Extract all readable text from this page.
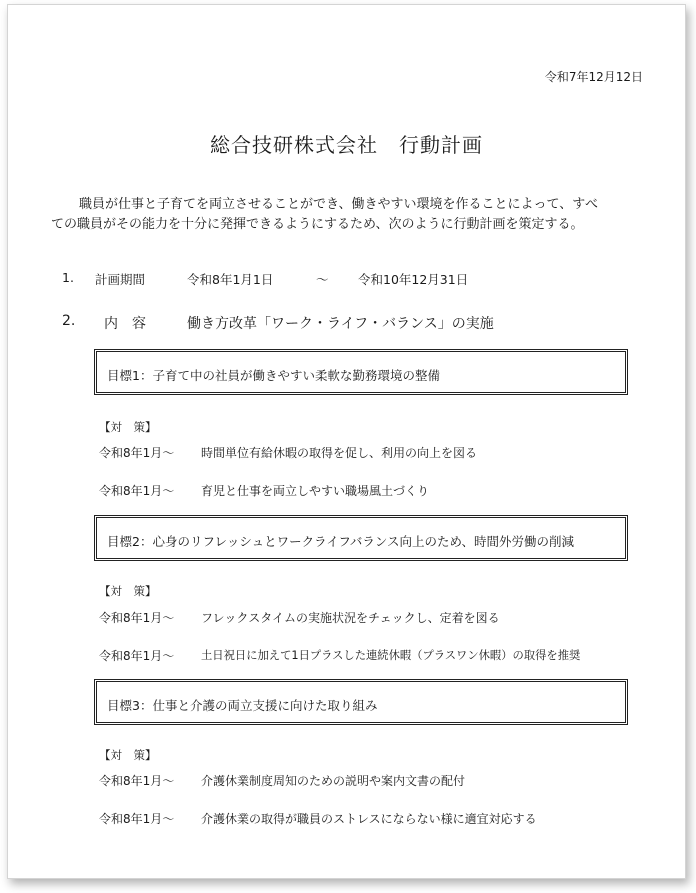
令和7年12月12日
総合技研株式会社　行動計画
職員が仕事と子育てを両立させることができ、働きやすい環境を作ることによって、すべ
ての職員がその能力を十分に発揮できるようにするため、次のように行動計画を策定する。
1. 計画期間	令和8年1月1日	～ 令和10年12月31日
2. 内　容	働き方改革「ワーク・ライフ・バランス」の実施
目標1：子育て中の社員が働きやすい柔軟な勤務環境の整備
【対　策】
令和8年1月～ 時間単位有給休暇の取得を促し、利用の向上を図る
令和8年1月～ 育児と仕事を両立しやすい職場風土づくり
目標2：心身のリフレッシュとワークライフバランス向上のため、時間外労働の削減
【対　策】
令和8年1月～ フレックスタイムの実施状況をチェックし、定着を図る
令和8年1月～ 土日祝日に加えて1日プラスした連続休暇（プラスワン休暇）の取得を推奨
目標3：仕事と介護の両立支援に向けた取り組み
【対　策】
令和8年1月～ 介護休業制度周知のための説明や案内文書の配付
令和8年1月～ 介護休業の取得が職員のストレスにならない様に適宜対応する
